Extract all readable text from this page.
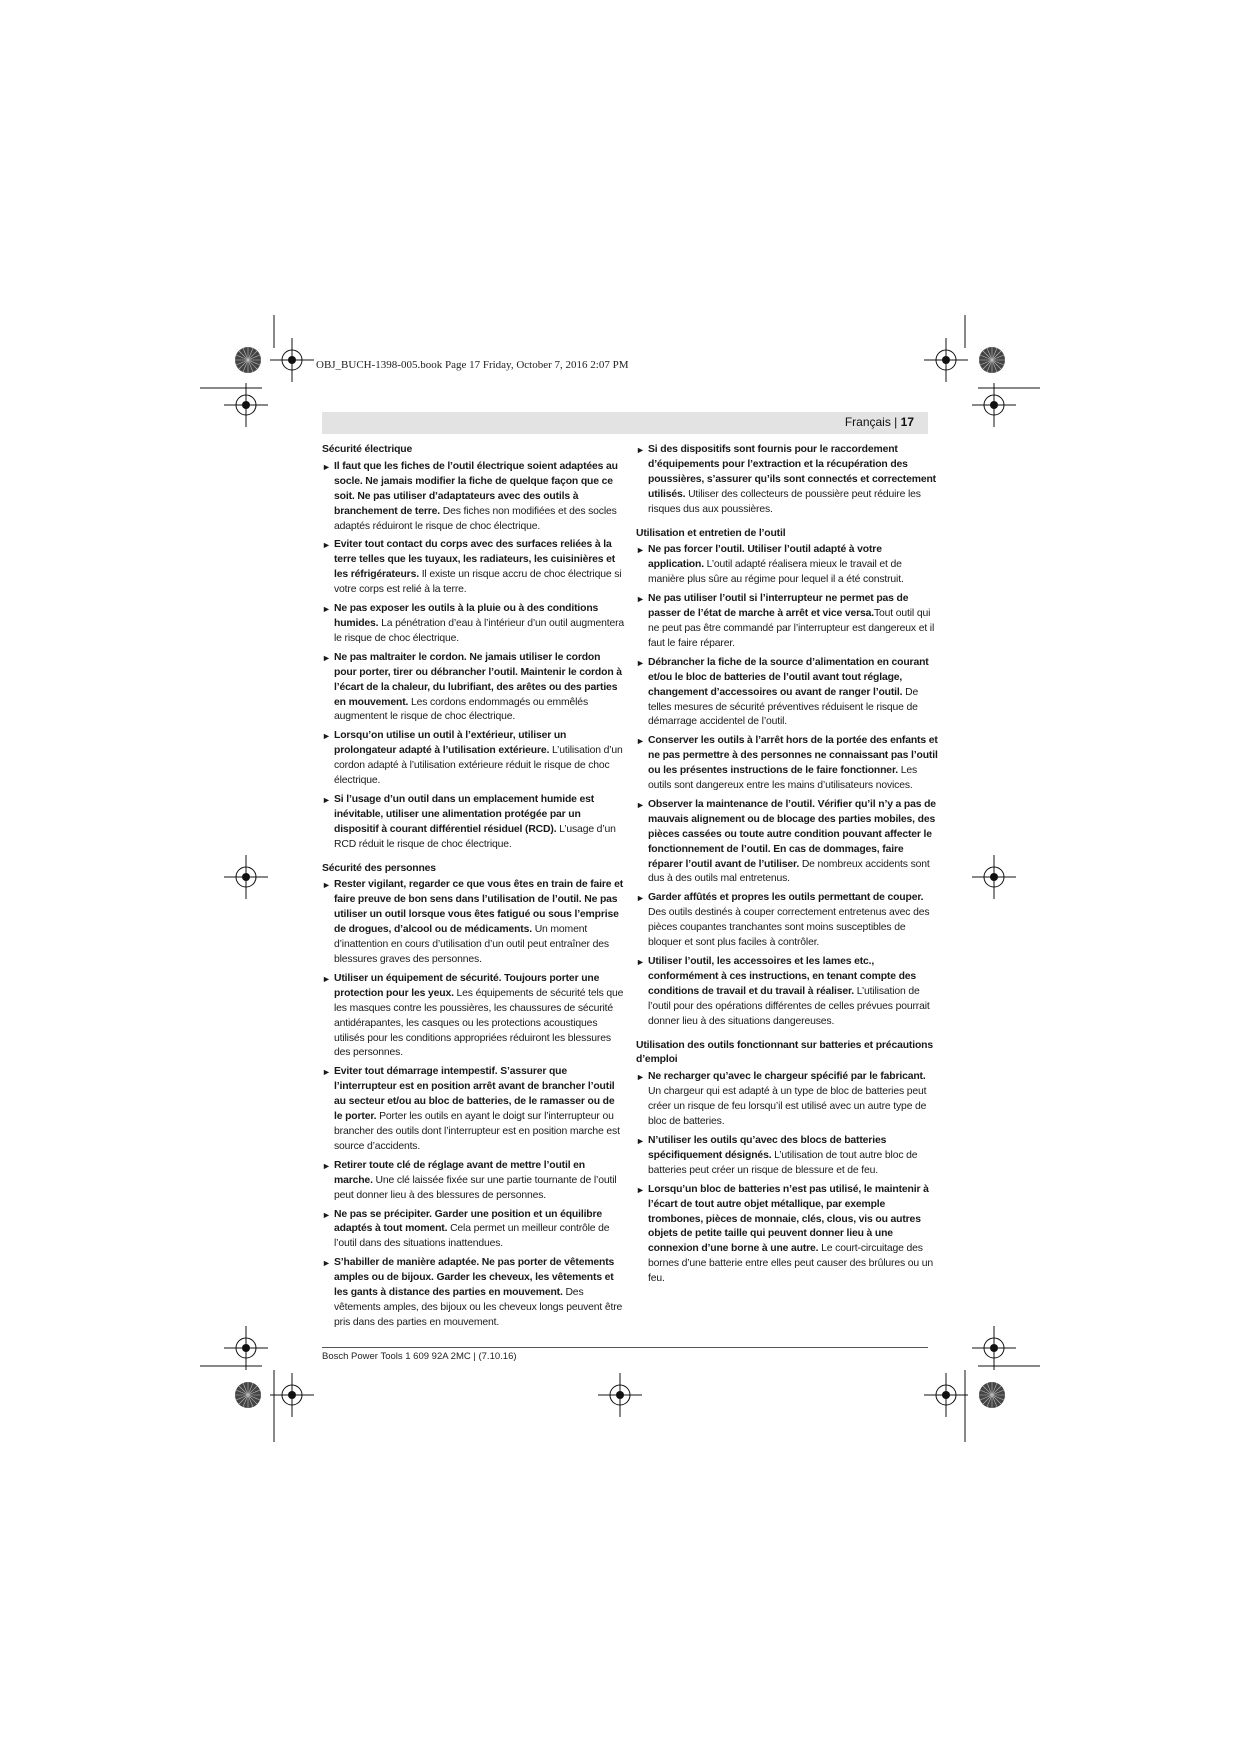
OBJ_BUCH-1398-005.book Page 17 Friday, October 7, 2016 2:07 PM
Français | 17
Sécurité électrique
► Il faut que les fiches de l’outil électrique soient adaptées au socle. Ne jamais modifier la fiche de quelque façon que ce soit. Ne pas utiliser d’adaptateurs avec des outils à branchement de terre. Des fiches non modifiées et des socles adaptés réduiront le risque de choc électrique.
► Eviter tout contact du corps avec des surfaces reliées à la terre telles que les tuyaux, les radiateurs, les cuisinières et les réfrigérateurs. Il existe un risque accru de choc électrique si votre corps est relié à la terre.
► Ne pas exposer les outils à la pluie ou à des conditions humides. La pénétration d’eau à l’intérieur d’un outil augmentera le risque de choc électrique.
► Ne pas maltraiter le cordon. Ne jamais utiliser le cordon pour porter, tirer ou débrancher l’outil. Maintenir le cordon à l’écart de la chaleur, du lubrifiant, des arêtes ou des parties en mouvement. Les cordons endommagés ou emmêlés augmentent le risque de choc électrique.
► Lorsqu’on utilise un outil à l’extérieur, utiliser un prolongateur adapté à l’utilisation extérieure. L’utilisation d’un cordon adapté à l’utilisation extérieure réduit le risque de choc électrique.
► Si l’usage d’un outil dans un emplacement humide est inévitable, utiliser une alimentation protégée par un dispositif à courant différentiel résiduel (RCD). L’usage d’un RCD réduit le risque de choc électrique.
Sécurité des personnes
► Rester vigilant, regarder ce que vous êtes en train de faire et faire preuve de bon sens dans l’utilisation de l’outil. Ne pas utiliser un outil lorsque vous êtes fatigué ou sous l’emprise de drogues, d’alcool ou de médicaments. Un moment d’inattention en cours d’utilisation d’un outil peut entraîner des blessures graves des personnes.
► Utiliser un équipement de sécurité. Toujours porter une protection pour les yeux. Les équipements de sécurité tels que les masques contre les poussières, les chaussures de sécurité antidérapantes, les casques ou les protections acoustiques utilisés pour les conditions appropriées réduiront les blessures des personnes.
► Eviter tout démarrage intempestif. S’assurer que l’interrupteur est en position arrêt avant de brancher l’outil au secteur et/ou au bloc de batteries, de le ramasser ou de le porter. Porter les outils en ayant le doigt sur l’interrupteur ou brancher des outils dont l’interrupteur est en position marche est source d’accidents.
► Retirer toute clé de réglage avant de mettre l’outil en marche. Une clé laissée fixée sur une partie tournante de l’outil peut donner lieu à des blessures de personnes.
► Ne pas se précipiter. Garder une position et un équilibre adaptés à tout moment. Cela permet un meilleur contrôle de l’outil dans des situations inattendues.
► S’habiller de manière adaptée. Ne pas porter de vêtements amples ou de bijoux. Garder les cheveux, les vêtements et les gants à distance des parties en mouvement. Des vêtements amples, des bijoux ou les cheveux longs peuvent être pris dans des parties en mouvement.
► Si des dispositifs sont fournis pour le raccordement d’équipements pour l’extraction et la récupération des poussières, s’assurer qu’ils sont connectés et correctement utilisés. Utiliser des collecteurs de poussière peut réduire les risques dus aux poussières.
Utilisation et entretien de l’outil
► Ne pas forcer l’outil. Utiliser l’outil adapté à votre application. L’outil adapté réalisera mieux le travail et de manière plus sûre au régime pour lequel il a été construit.
► Ne pas utiliser l’outil si l’interrupteur ne permet pas de passer de l’état de marche à arrêt et vice versa.Tout outil qui ne peut pas être commandé par l’interrupteur est dangereux et il faut le faire réparer.
► Débrancher la fiche de la source d’alimentation en courant et/ou le bloc de batteries de l’outil avant tout réglage, changement d’accessoires ou avant de ranger l’outil. De telles mesures de sécurité préventives réduisent le risque de démarrage accidentel de l’outil.
► Conserver les outils à l’arrêt hors de la portée des enfants et ne pas permettre à des personnes ne connaissant pas l’outil ou les présentes instructions de le faire fonctionner. Les outils sont dangereux entre les mains d’utilisateurs novices.
► Observer la maintenance de l’outil. Vérifier qu’il n’y a pas de mauvais alignement ou de blocage des parties mobiles, des pièces cassées ou toute autre condition pouvant affecter le fonctionnement de l’outil. En cas de dommages, faire réparer l’outil avant de l’utiliser. De nombreux accidents sont dus à des outils mal entretenus.
► Garder affûtés et propres les outils permettant de couper. Des outils destinés à couper correctement entretenus avec des pièces coupantes tranchantes sont moins susceptibles de bloquer et sont plus faciles à contrôler.
► Utiliser l’outil, les accessoires et les lames etc., conformément à ces instructions, en tenant compte des conditions de travail et du travail à réaliser. L’utilisation de l’outil pour des opérations différentes de celles prévues pourrait donner lieu à des situations dangereuses.
Utilisation des outils fonctionnant sur batteries et précautions d’emploi
► Ne recharger qu’avec le chargeur spécifié par le fabricant. Un chargeur qui est adapté à un type de bloc de batteries peut créer un risque de feu lorsqu’il est utilisé avec un autre type de bloc de batteries.
► N’utiliser les outils qu’avec des blocs de batteries spécifiquement désignés. L’utilisation de tout autre bloc de batteries peut créer un risque de blessure et de feu.
► Lorsqu’un bloc de batteries n’est pas utilisé, le maintenir à l’écart de tout autre objet métallique, par exemple trombones, pièces de monnaie, clés, clous, vis ou autres objets de petite taille qui peuvent donner lieu à une connexion d’une borne à une autre. Le court-circuitage des bornes d’une batterie entre elles peut causer des brûlures ou un feu.
Bosch Power Tools 1 609 92A 2MC | (7.10.16)
